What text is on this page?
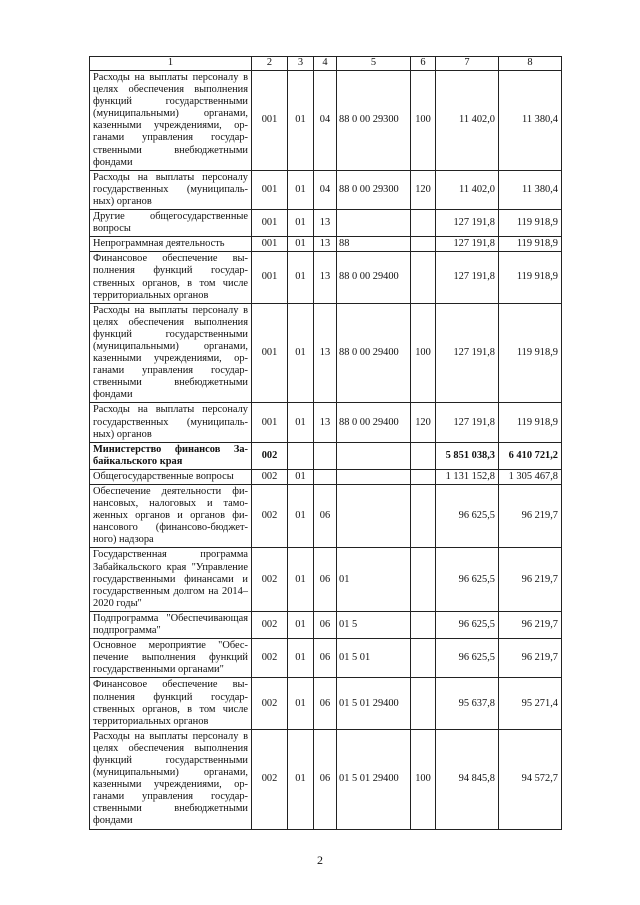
1	2	3	4	5	6	7	8
Расходы на выплаты персоналу в целях обеспечения выполнения функций государственными (муниципальными) органами, казенными учреждениями, органами управления государственными внебюджетными фондами	001	01	04	88 0 00 29300	100	11 402,0	11 380,4
Расходы на выплаты персоналу государственных (муниципальных) органов	001	01	04	88 0 00 29300	120	11 402,0	11 380,4
Другие общегосударственные вопросы	001	01	13			127 191,8	119 918,9
Непрограммная деятельность	001	01	13	88		127 191,8	119 918,9
Финансовое обеспечение выполнения функций государственных органов, в том числе территориальных органов	001	01	13	88 0 00 29400		127 191,8	119 918,9
Расходы на выплаты персоналу в целях обеспечения выполнения функций государственными (муниципальными) органами, казенными учреждениями, органами управления государственными внебюджетными фондами	001	01	13	88 0 00 29400	100	127 191,8	119 918,9
Расходы на выплаты персоналу государственных (муниципальных) органов	001	01	13	88 0 00 29400	120	127 191,8	119 918,9
Министерство финансов Забайкальского края	002					5 851 038,3	6 410 721,2
Общегосударственные вопросы	002	01				1 131 152,8	1 305 467,8
Обеспечение деятельности финансовых, налоговых и таможенных органов и органов финансового (финансово-бюджетного) надзора	002	01	06			96 625,5	96 219,7
Государственная программа Забайкальского края "Управление государственными финансами и государственным долгом на 2014–2020 годы"	002	01	06	01		96 625,5	96 219,7
Подпрограмма "Обеспечивающая подпрограмма"	002	01	06	01 5		96 625,5	96 219,7
Основное мероприятие "Обеспечение выполнения функций государственными органами"	002	01	06	01 5 01		96 625,5	96 219,7
Финансовое обеспечение выполнения функций государственных органов, в том числе территориальных органов	002	01	06	01 5 01 29400		95 637,8	95 271,4
Расходы на выплаты персоналу в целях обеспечения выполнения функций государственными (муниципальными) органами, казенными учреждениями, органами управления государственными внебюджетными фондами	002	01	06	01 5 01 29400	100	94 845,8	94 572,7
2
